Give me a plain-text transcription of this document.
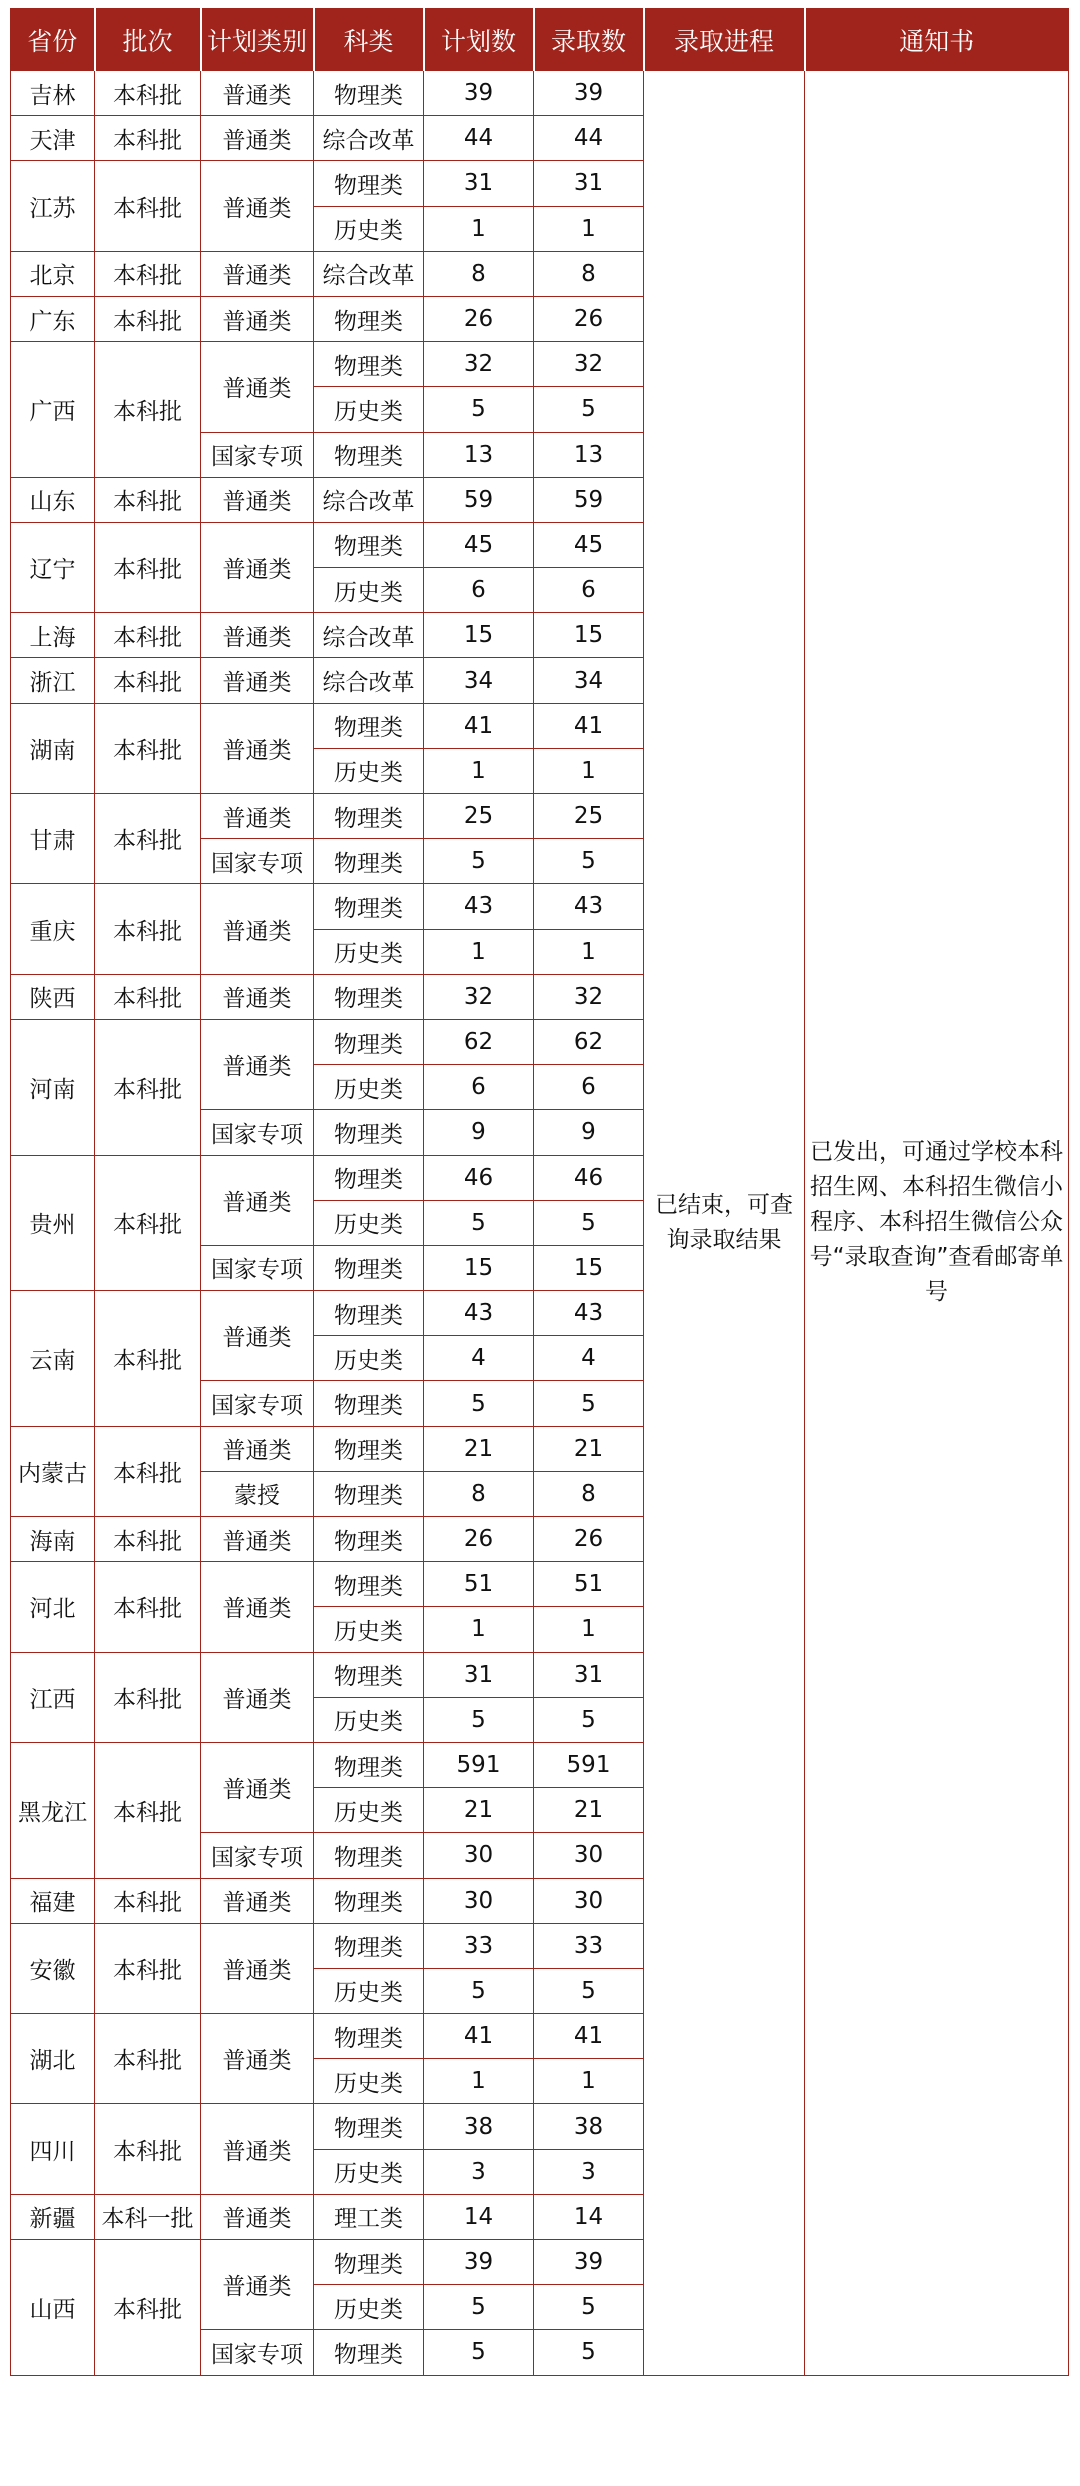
省份	批次	计划类别	科类	计划数	录取数	录取进程	通知书
吉林	本科批	普通类	物理类	39	39	已结束，可查询录取结果	已发出，可通过学校本科招生网、本科招生微信小程序、本科招生微信公众号“录取查询”查看邮寄单号
天津	本科批	普通类	综合改革	44	44		
江苏	本科批	普通类	物理类	31	31		
			历史类	1	1		
北京	本科批	普通类	综合改革	8	8		
广东	本科批	普通类	物理类	26	26		
广西	本科批	普通类	物理类	32	32		
			历史类	5	5		
		国家专项	物理类	13	13		
山东	本科批	普通类	综合改革	59	59		
辽宁	本科批	普通类	物理类	45	45		
			历史类	6	6		
上海	本科批	普通类	综合改革	15	15		
浙江	本科批	普通类	综合改革	34	34		
湖南	本科批	普通类	物理类	41	41		
			历史类	1	1		
甘肃	本科批	普通类	物理类	25	25		
		国家专项	物理类	5	5		
重庆	本科批	普通类	物理类	43	43		
			历史类	1	1		
陕西	本科批	普通类	物理类	32	32		
河南	本科批	普通类	物理类	62	62		
			历史类	6	6		
		国家专项	物理类	9	9		
贵州	本科批	普通类	物理类	46	46		
			历史类	5	5		
		国家专项	物理类	15	15		
云南	本科批	普通类	物理类	43	43		
			历史类	4	4		
		国家专项	物理类	5	5		
内蒙古	本科批	普通类	物理类	21	21		
		蒙授	物理类	8	8		
海南	本科批	普通类	物理类	26	26		
河北	本科批	普通类	物理类	51	51		
			历史类	1	1		
江西	本科批	普通类	物理类	31	31		
			历史类	5	5		
黑龙江	本科批	普通类	物理类	591	591		
			历史类	21	21		
		国家专项	物理类	30	30		
福建	本科批	普通类	物理类	30	30		
安徽	本科批	普通类	物理类	33	33		
			历史类	5	5		
湖北	本科批	普通类	物理类	41	41		
			历史类	1	1		
四川	本科批	普通类	物理类	38	38		
			历史类	3	3		
新疆	本科一批	普通类	理工类	14	14		
山西	本科批	普通类	物理类	39	39		
			历史类	5	5		
		国家专项	物理类	5	5		
